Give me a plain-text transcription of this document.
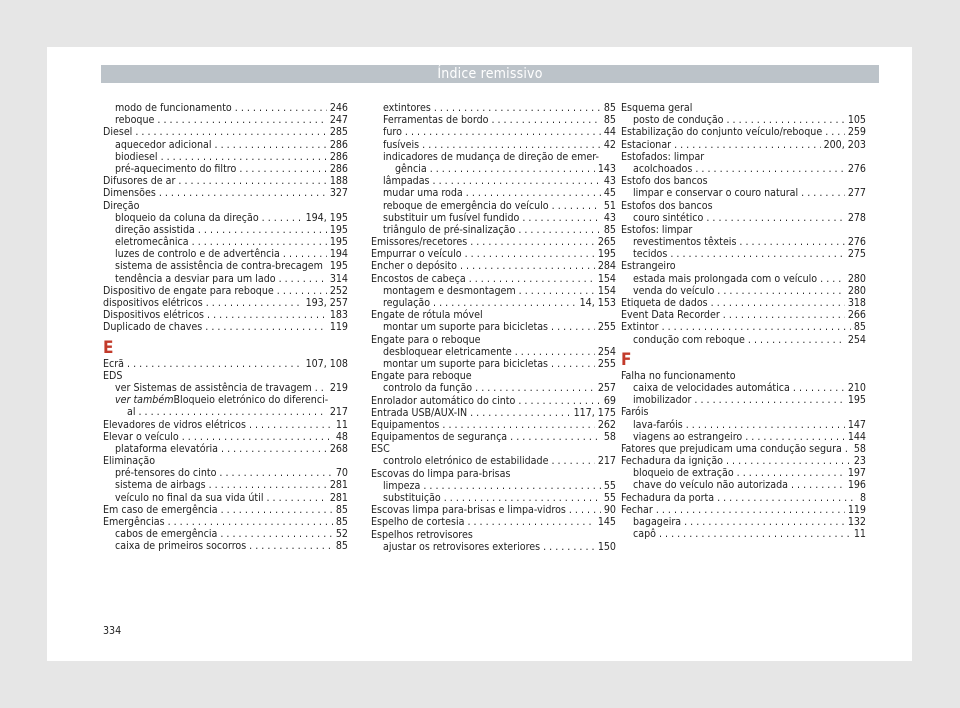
Índice remissivo
modo de funcionamento . . .	246
reboque . . .	247
Diesel . . .	285
aquecedor adicional . . .	286
biodiesel . . .	286
pré-aquecimento do filtro . . .	286
Difusores de ar . . .	188
Dimensões . . .	327
Direção
bloqueio da coluna da direção . . .	194, 195
direção assistida . . .	195
eletromecânica . . .	195
luzes de controlo e de advertência . . .	194
sistema de assistência de contra-brecagem . . . 195
tendência a desviar para um lado . . .	314
Dispositivo de engate para reboque . . .	252
dispositivos elétricos . . .	193, 257
Dispositivos elétricos . . .	183
Duplicado de chaves . . .	119
E
Ecrã . . .	107, 108
EDS
ver Sistemas de assistência de travagem . . . 219
ver também Bloqueio eletrónico do diferenci-
al . . .	217
Elevadores de vidros elétricos . . .	11
Elevar o veículo . . .	48
plataforma elevatória . . .	268
Eliminação
pré-tensores do cinto . . .	70
sistema de airbags . . .	281
veículo no final da sua vida útil . . .	281
Em caso de emergência . . .	85
Emergências . . .	85
cabos de emergência . . .	52
caixa de primeiros socorros . . .	85
extintores . . .	85
Ferramentas de bordo . . .	85
furo . . .	44
fusíveis . . .	42
indicadores de mudança de direção de emer-
gência . . .	143
lâmpadas . . .	43
mudar uma roda . . .	45
reboque de emergência do veículo . . .	51
substituir um fusível fundido . . .	43
triângulo de pré-sinalização . . .	85
Emissores/recetores . . .	265
Empurrar o veículo . . .	195
Encher o depósito . . .	284
Encostos de cabeça . . .	154
montagem e desmontagem . . .	154
regulação . . .	14, 153
Engate de rótula móvel
montar um suporte para bicicletas . . .	255
Engate para o reboque
desbloquear eletricamente . . .	254
montar um suporte para bicicletas . . .	255
Engate para reboque
controlo da função . . .	257
Enrolador automático do cinto . . .	69
Entrada USB/AUX-IN . . .	117, 175
Equipamentos . . .	262
Equipamentos de segurança . . .	58
ESC
controlo eletrónico de estabilidade . . .	217
Escovas do limpa para-brisas
limpeza . . .	55
substituição . . .	55
Escovas limpa para-brisas e limpa-vidros . . .	90
Espelho de cortesia . . .	145
Espelhos retrovisores
ajustar os retrovisores exteriores . . .	150
Esquema geral
posto de condução . . .	105
Estabilização do conjunto veículo/reboque . . . 259
Estacionar . . .	200, 203
Estofados: limpar
acolchoados . . .	276
Estofo dos bancos
limpar e conservar o couro natural . . .	277
Estofos dos bancos
couro sintético . . .	278
Estofos: limpar
revestimentos têxteis . . .	276
tecidos . . .	275
Estrangeiro
estada mais prolongada com o veículo . . .	280
venda do veículo . . .	280
Etiqueta de dados . . .	318
Event Data Recorder . . .	266
Extintor . . .	85
condução com reboque . . .	254
F
Falha no funcionamento
caixa de velocidades automática . . .	210
imobilizador . . .	195
Faróis
lava-faróis . . .	147
viagens ao estrangeiro . . .	144
Fatores que prejudicam uma condução segura . . . 58
Fechadura da ignição . . .	23
bloqueio de extração . . .	197
chave do veículo não autorizada . . .	196
Fechadura da porta . . .	8
Fechar . . .	119
bagageira . . .	132
capô . . .	11
334
